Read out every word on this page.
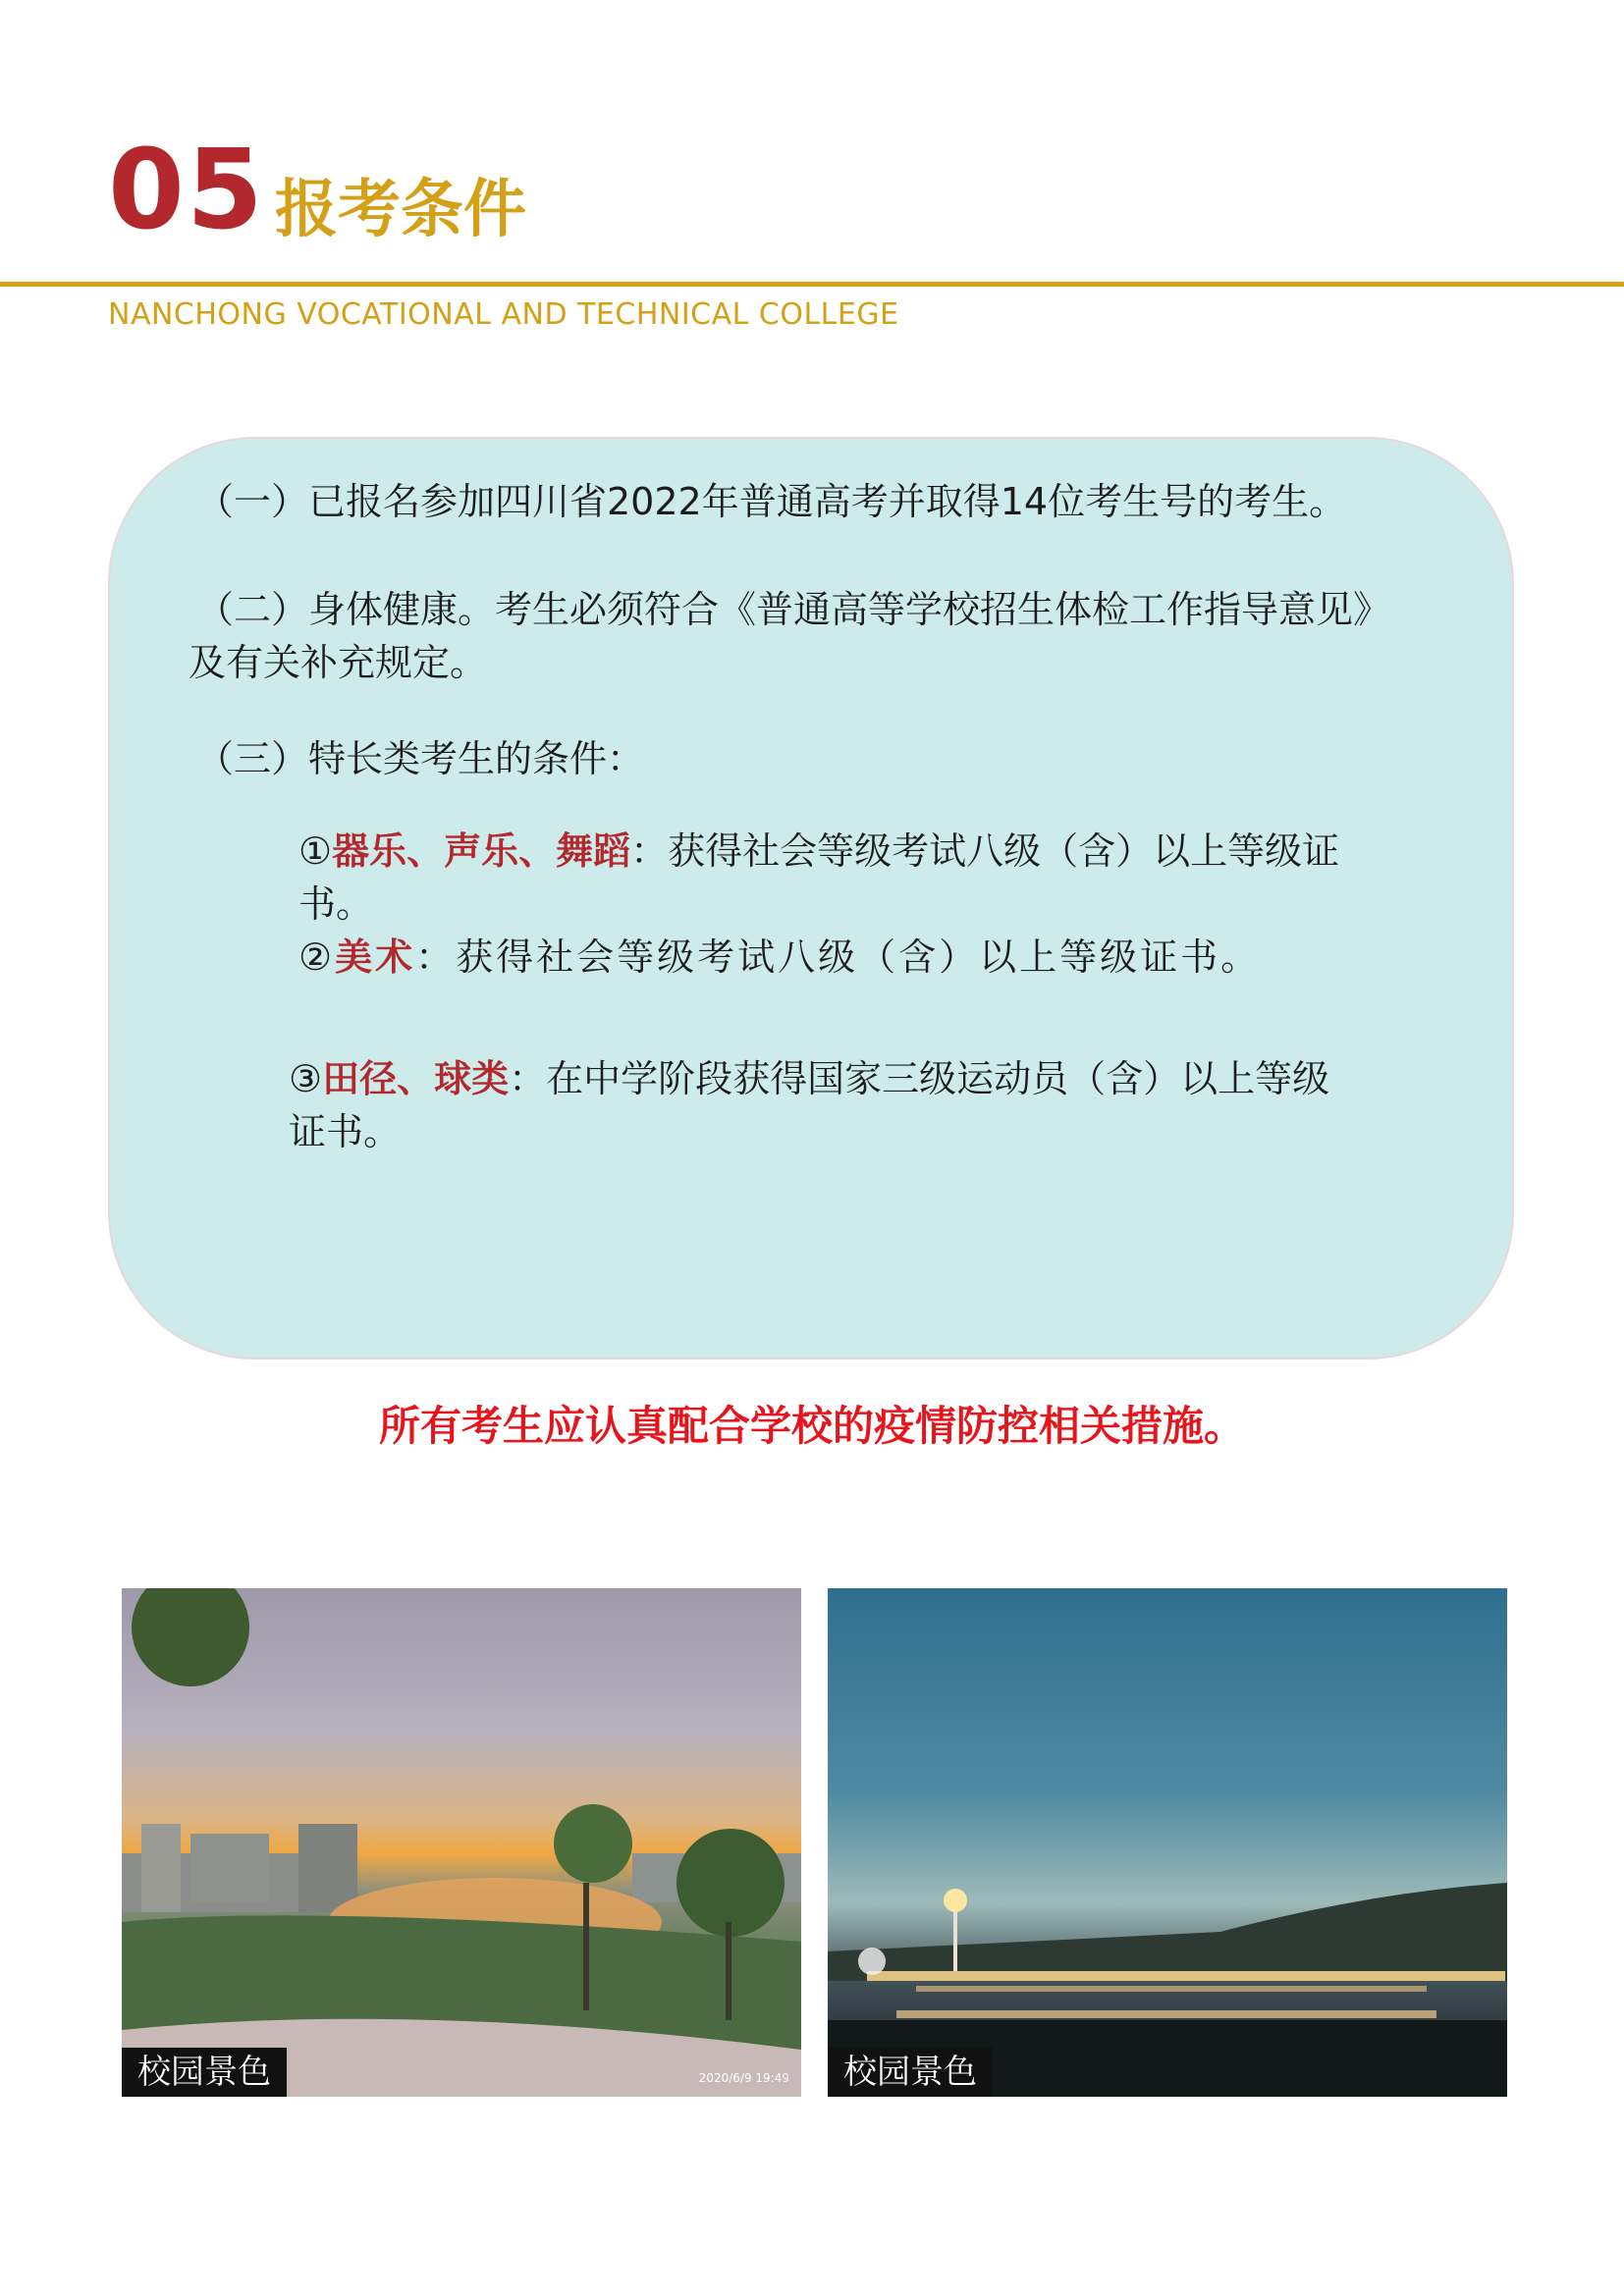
05 报考条件
NANCHONG VOCATIONAL AND TECHNICAL COLLEGE
（一）已报名参加四川省2022年普通高考并取得14位考生号的考生。
（二）身体健康。考生必须符合《普通高等学校招生体检工作指导意见》
及有关补充规定。
（三）特长类考生的条件：
①器乐、声乐、舞蹈：获得社会等级考试八级（含）以上等级证
书。
②美术：获得社会等级考试八级（含）以上等级证书。
③田径、球类：在中学阶段获得国家三级运动员（含）以上等级
证书。
所有考生应认真配合学校的疫情防控相关措施。
2020/6/9 19:49
校园景色	校园景色
